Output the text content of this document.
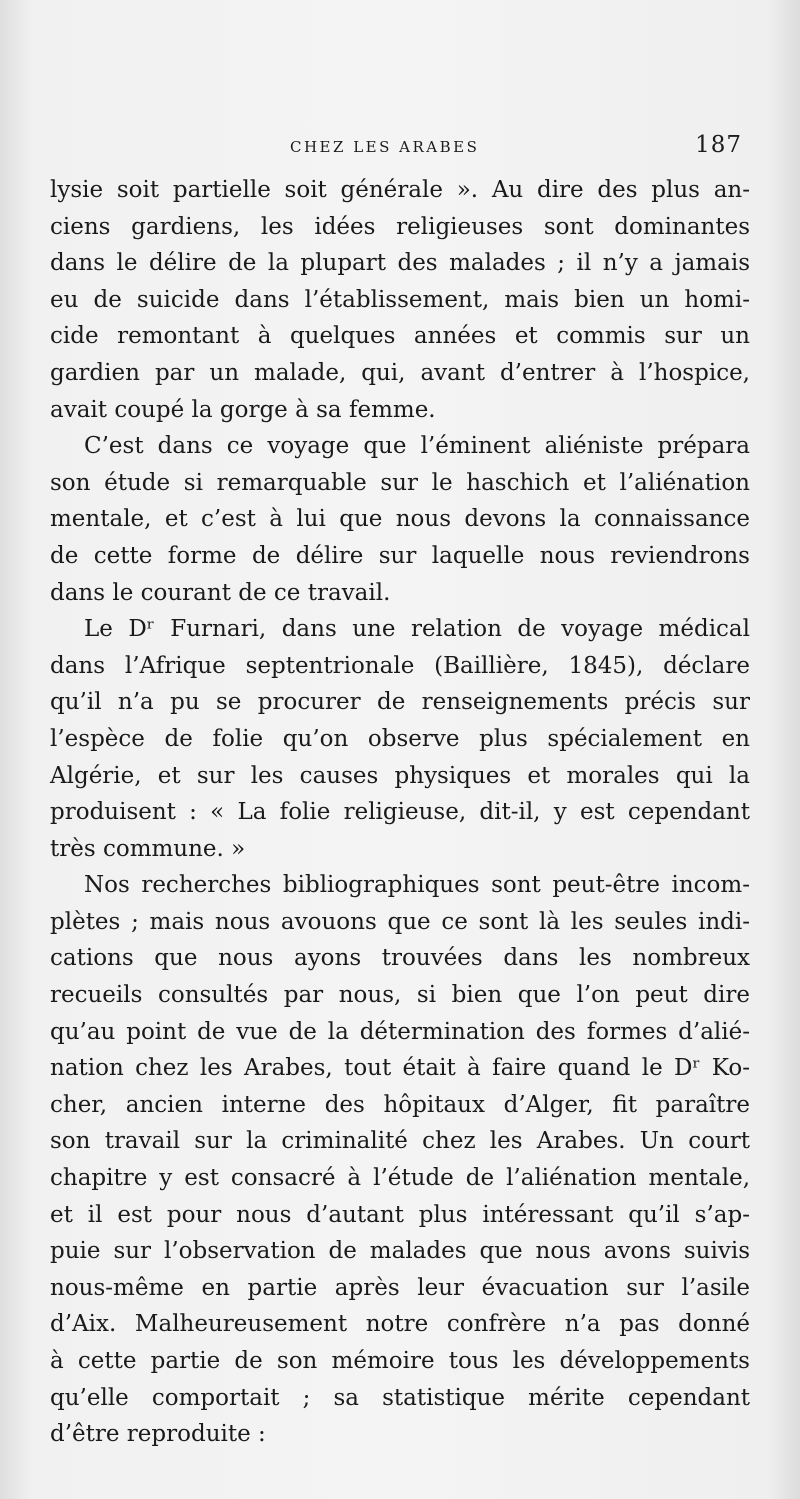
CHEZ LES ARABES	187
lysie soit partielle soit générale ». Au dire des plus an-
ciens gardiens, les idées religieuses sont dominantes
dans le délire de la plupart des malades ; il n’y a jamais
eu de suicide dans l’établissement, mais bien un homi-
cide remontant à quelques années et commis sur un
gardien par un malade, qui, avant d’entrer à l’hospice,
avait coupé la gorge à sa femme.
C’est dans ce voyage que l’éminent aliéniste prépara
son étude si remarquable sur le haschich et l’aliénation
mentale, et c’est à lui que nous devons la connaissance
de cette forme de délire sur laquelle nous reviendrons
dans le courant de ce travail.
Le Dʳ Furnari, dans une relation de voyage médical
dans l’Afrique septentrionale (Baillière, 1845), déclare
qu’il n’a pu se procurer de renseignements précis sur
l’espèce de folie qu’on observe plus spécialement en
Algérie, et sur les causes physiques et morales qui la
produisent : « La folie religieuse, dit-il, y est cependant
très commune. »
Nos recherches bibliographiques sont peut-être incom-
plètes ; mais nous avouons que ce sont là les seules indi-
cations que nous ayons trouvées dans les nombreux
recueils consultés par nous, si bien que l’on peut dire
qu’au point de vue de la détermination des formes d’alié-
nation chez les Arabes, tout était à faire quand le Dʳ Ko-
cher, ancien interne des hôpitaux d’Alger, fit paraître
son travail sur la criminalité chez les Arabes. Un court
chapitre y est consacré à l’étude de l’aliénation mentale,
et il est pour nous d’autant plus intéressant qu’il s’ap-
puie sur l’observation de malades que nous avons suivis
nous-même en partie après leur évacuation sur l’asile
d’Aix. Malheureusement notre confrère n’a pas donné
à cette partie de son mémoire tous les développements
qu’elle comportait ; sa statistique mérite cependant
d’être reproduite :
